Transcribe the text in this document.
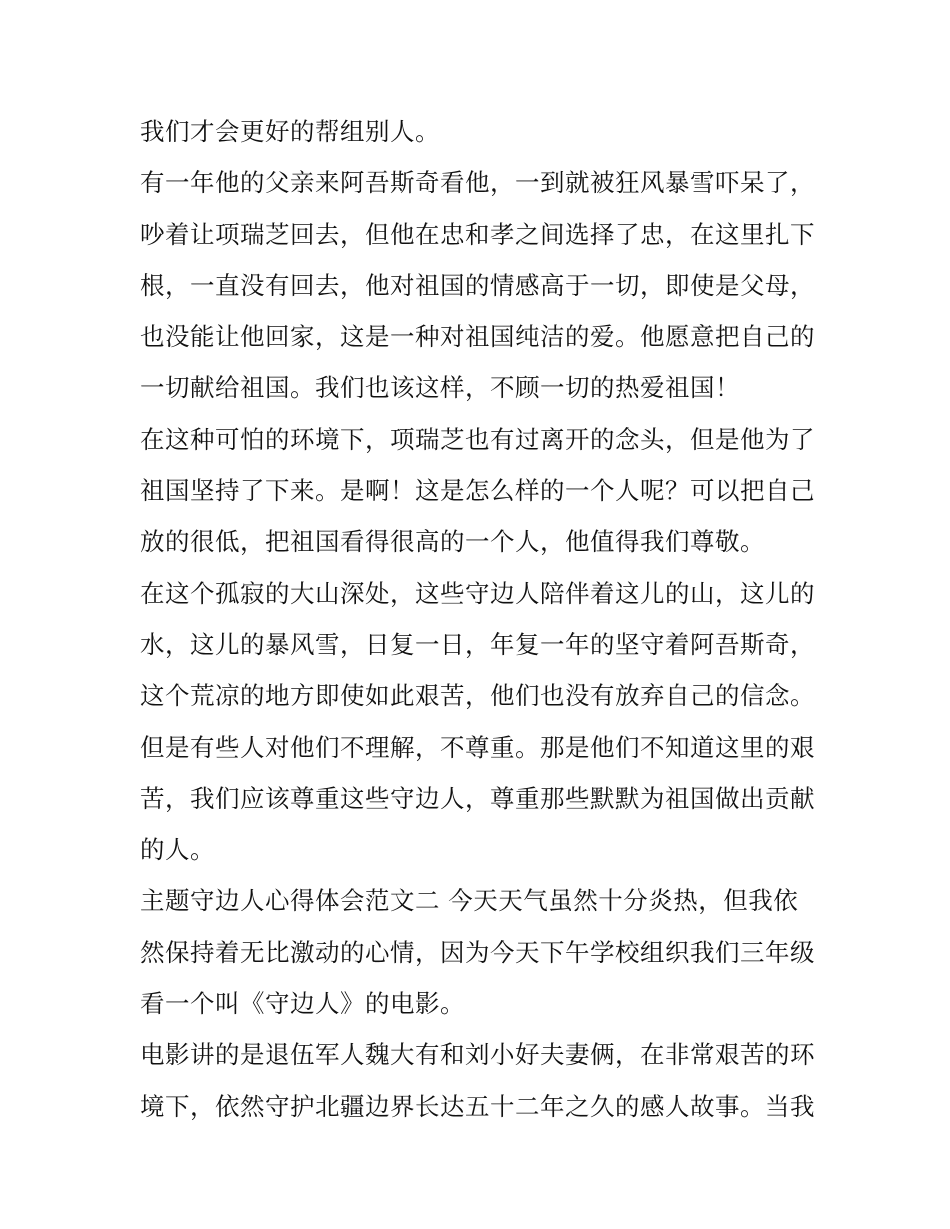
我们才会更好的帮组别人。
有一年他的父亲来阿吾斯奇看他，一到就被狂风暴雪吓呆了，
吵着让项瑞芝回去，但他在忠和孝之间选择了忠，在这里扎下
根，一直没有回去，他对祖国的情感高于一切，即使是父母，
也没能让他回家，这是一种对祖国纯洁的爱。他愿意把自己的
一切献给祖国。我们也该这样，不顾一切的热爱祖国！
在这种可怕的环境下，项瑞芝也有过离开的念头，但是他为了
祖国坚持了下来。是啊！这是怎么样的一个人呢？可以把自己
放的很低，把祖国看得很高的一个人，他值得我们尊敬。
在这个孤寂的大山深处，这些守边人陪伴着这儿的山，这儿的
水，这儿的暴风雪，日复一日，年复一年的坚守着阿吾斯奇，
这个荒凉的地方即使如此艰苦，他们也没有放弃自己的信念。
但是有些人对他们不理解，不尊重。那是他们不知道这里的艰
苦，我们应该尊重这些守边人，尊重那些默默为祖国做出贡献
的人。
主题守边人心得体会范文二 今天天气虽然十分炎热，但我依
然保持着无比激动的心情，因为今天下午学校组织我们三年级
看一个叫《守边人》的电影。
电影讲的是退伍军人魏大有和刘小好夫妻俩，在非常艰苦的环
境下，依然守护北疆边界长达五十二年之久的感人故事。当我
